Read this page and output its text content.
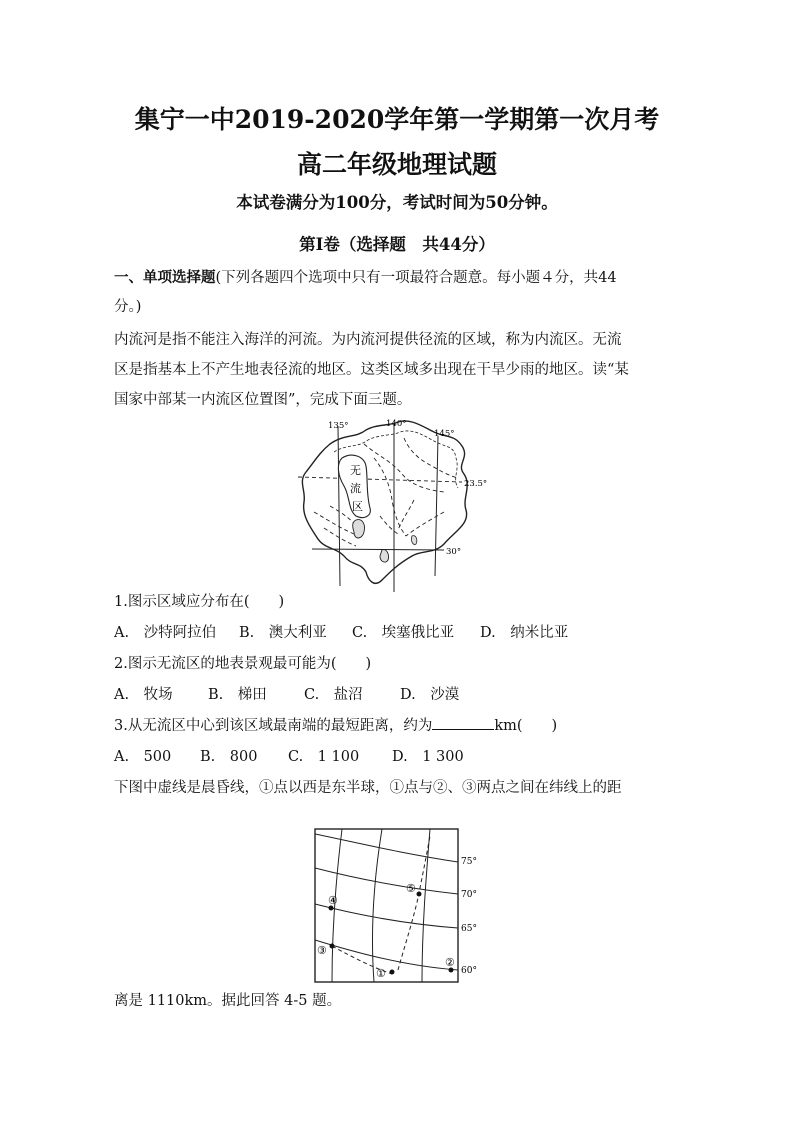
集宁一中2019-2020学年第一学期第一次月考
高二年级地理试题
本试卷满分为100分，考试时间为50分钟。
第Ⅰ卷（选择题　共44分）
一、单项选择题(下列各题四个选项中只有一项最符合题意。每小题４分，共44
分。)
内流河是指不能注入海洋的河流。为内流河提供径流的区域，称为内流区。无流
区是指基本上不产生地表径流的地区。这类区域多出现在干旱少雨的地区。读“某
国家中部某一内流区位置图”，完成下面三题。
135°	140°
145°
23.5°
30°
无
流
区
1.图示区域应分布在(　　)
A.　沙特阿拉伯 B.　澳大利亚 C.　埃塞俄比亚 D.　纳米比亚
2.图示无流区的地表景观最可能为(　　)
A.　牧场 B.　梯田	C.　盐沼	D.　沙漠
3.从无流区中心到该区域最南端的最短距离，约为	km(　　)
A.　500 B.　800 C.　1 100 D.　1 300
下图中虚线是晨昏线，①点以西是东半球，①点与②、③两点之间在纬线上的距
75°
70°
65°
60°
①
②
③
④
⑤
离是 1110km。据此回答 4-5 题。
